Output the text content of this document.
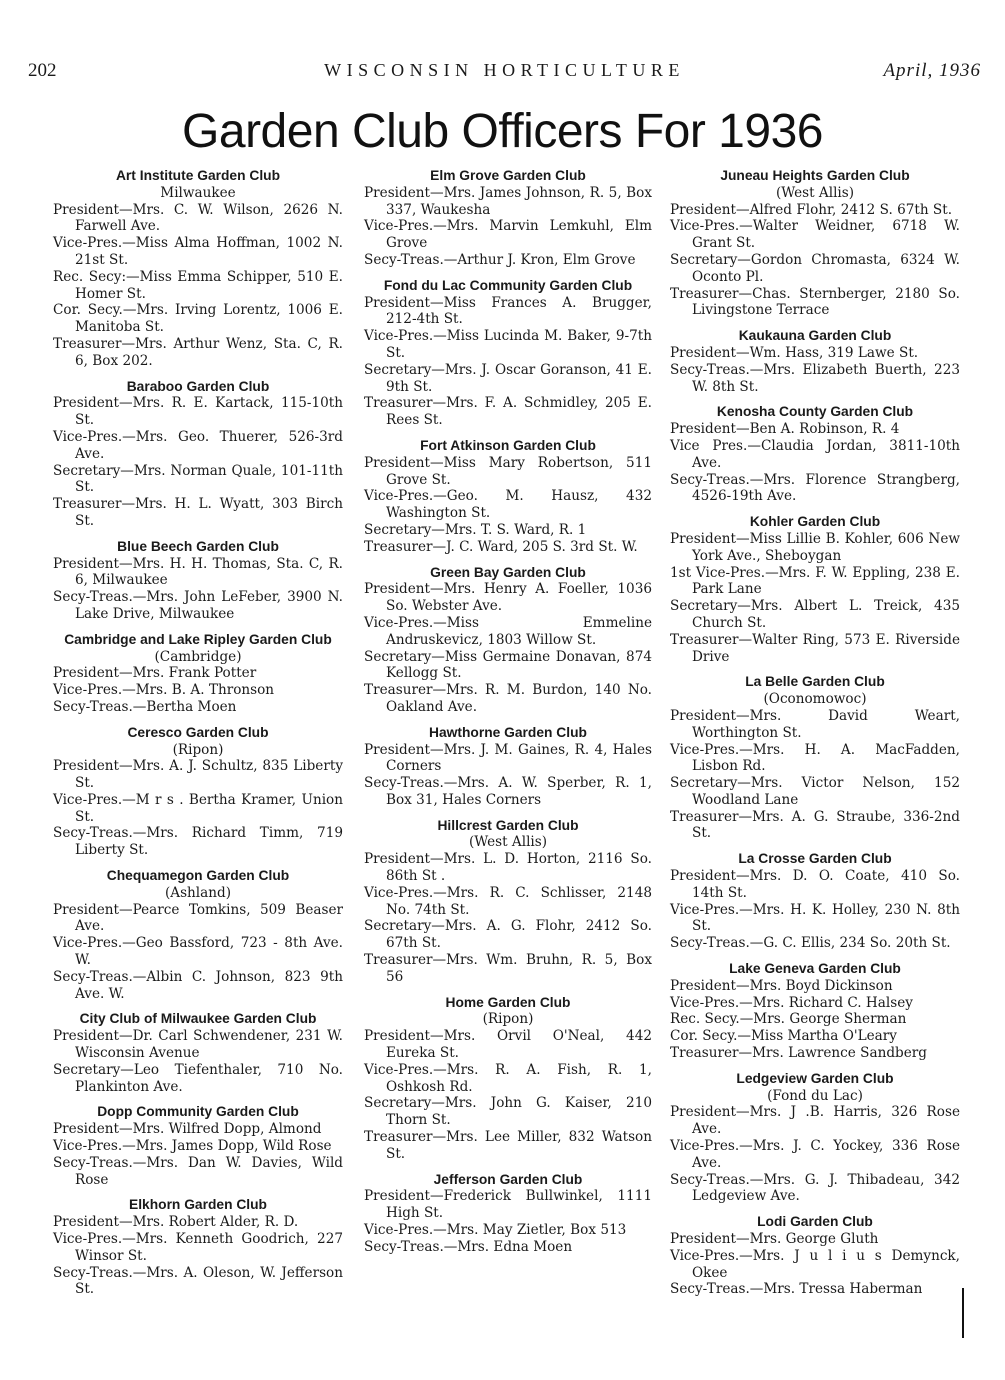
202	WISCONSIN HORTICULTURE	April, 1936
Garden Club Officers For 1936
Art Institute Garden Club
Milwaukee
President—Mrs. C. W. Wilson, 2626 N. Farwell Ave.
Vice-Pres.—Miss Alma Hoffman, 1002 N. 21st St.
Rec. Secy:—Miss Emma Schipper, 510 E. Homer St.
Cor. Secy.—Mrs. Irving Lorentz, 1006 E. Manitoba St.
Treasurer—Mrs. Arthur Wenz, Sta. C, R. 6, Box 202.
Baraboo Garden Club
President—Mrs. R. E. Kartack, 115-10th St.
Vice-Pres.—Mrs. Geo. Thuerer, 526-3rd Ave.
Secretary—Mrs. Norman Quale, 101-11th St.
Treasurer—Mrs. H. L. Wyatt, 303 Birch St.
Blue Beech Garden Club
President—Mrs. H. H. Thomas, Sta. C, R. 6, Milwaukee
Secy-Treas.—Mrs. John LeFeber, 3900 N. Lake Drive, Milwaukee
Cambridge and Lake Ripley Garden Club
(Cambridge)
President—Mrs. Frank Potter
Vice-Pres.—Mrs. B. A. Thronson
Secy-Treas.—Bertha Moen
Ceresco Garden Club
(Ripon)
President—Mrs. A. J. Schultz, 835 Liberty St.
Vice-Pres.—M r s . Bertha Kramer, Union St.
Secy-Treas.—Mrs. Richard Timm, 719 Liberty St.
Chequamegon Garden Club
(Ashland)
President—Pearce Tomkins, 509 Beaser Ave.
Vice-Pres.—Geo Bassford, 723 - 8th Ave. W.
Secy-Treas.—Albin C. Johnson, 823 9th Ave. W.
City Club of Milwaukee Garden Club
President—Dr. Carl Schwendener, 231 W. Wisconsin Avenue
Secretary—Leo Tiefenthaler, 710 No. Plankinton Ave.
Dopp Community Garden Club
President—Mrs. Wilfred Dopp, Almond
Vice-Pres.—Mrs. James Dopp, Wild Rose
Secy-Treas.—Mrs. Dan W. Davies, Wild Rose
Elkhorn Garden Club
President—Mrs. Robert Alder, R. D.
Vice-Pres.—Mrs. Kenneth Goodrich, 227 Winsor St.
Secy-Treas.—Mrs. A. Oleson, W. Jefferson St.
Elm Grove Garden Club
President—Mrs. James Johnson, R. 5, Box 337, Waukesha
Vice-Pres.—Mrs. Marvin Lemkuhl, Elm Grove
Secy-Treas.—Arthur J. Kron, Elm Grove
Fond du Lac Community Garden Club
President—Miss Frances A. Brugger, 212-4th St.
Vice-Pres.—Miss Lucinda M. Baker, 9-7th St.
Secretary—Mrs. J. Oscar Goranson, 41 E. 9th St.
Treasurer—Mrs. F. A. Schmidley, 205 E. Rees St.
Fort Atkinson Garden Club
President—Miss Mary Robertson, 511 Grove St.
Vice-Pres.—Geo. M. Hausz, 432 Washington St.
Secretary—Mrs. T. S. Ward, R. 1
Treasurer—J. C. Ward, 205 S. 3rd St. W.
Green Bay Garden Club
President—Mrs. Henry A. Foeller, 1036 So. Webster Ave.
Vice-Pres.—Miss Emmeline Andruskevicz, 1803 Willow St.
Secretary—Miss Germaine Donavan, 874 Kellogg St.
Treasurer—Mrs. R. M. Burdon, 140 No. Oakland Ave.
Hawthorne Garden Club
President—Mrs. J. M. Gaines, R. 4, Hales Corners
Secy-Treas.—Mrs. A. W. Sperber, R. 1, Box 31, Hales Corners
Hillcrest Garden Club
(West Allis)
President—Mrs. L. D. Horton, 2116 So. 86th St .
Vice-Pres.—Mrs. R. C. Schlisser, 2148 No. 74th St.
Secretary—Mrs. A. G. Flohr, 2412 So. 67th St.
Treasurer—Mrs. Wm. Bruhn, R. 5, Box 56
Home Garden Club
(Ripon)
President—Mrs. Orvil O'Neal, 442 Eureka St.
Vice-Pres.—Mrs. R. A. Fish, R. 1, Oshkosh Rd.
Secretary—Mrs. John G. Kaiser, 210 Thorn St.
Treasurer—Mrs. Lee Miller, 832 Watson St.
Jefferson Garden Club
President—Frederick Bullwinkel, 1111 High St.
Vice-Pres.—Mrs. May Zietler, Box 513
Secy-Treas.—Mrs. Edna Moen
Juneau Heights Garden Club
(West Allis)
President—Alfred Flohr, 2412 S. 67th St.
Vice-Pres.—Walter Weidner, 6718 W. Grant St.
Secretary—Gordon Chromasta, 6324 W. Oconto Pl.
Treasurer—Chas. Sternberger, 2180 So. Livingstone Terrace
Kaukauna Garden Club
President—Wm. Hass, 319 Lawe St.
Secy-Treas.—Mrs. Elizabeth Buerth, 223 W. 8th St.
Kenosha County Garden Club
President—Ben A. Robinson, R. 4
Vice Pres.—Claudia Jordan, 3811-10th Ave.
Secy-Treas.—Mrs. Florence Strangberg, 4526-19th Ave.
Kohler Garden Club
President—Miss Lillie B. Kohler, 606 New York Ave., Sheboygan
1st Vice-Pres.—Mrs. F. W. Eppling, 238 E. Park Lane
Secretary—Mrs. Albert L. Treick, 435 Church St.
Treasurer—Walter Ring, 573 E. Riverside Drive
La Belle Garden Club
(Oconomowoc)
President—Mrs. David Weart, Worthington St.
Vice-Pres.—Mrs. H. A. MacFadden, Lisbon Rd.
Secretary—Mrs. Victor Nelson, 152 Woodland Lane
Treasurer—Mrs. A. G. Straube, 336-2nd St.
La Crosse Garden Club
President—Mrs. D. O. Coate, 410 So. 14th St.
Vice-Pres.—Mrs. H. K. Holley, 230 N. 8th St.
Secy-Treas.—G. C. Ellis, 234 So. 20th St.
Lake Geneva Garden Club
President—Mrs. Boyd Dickinson
Vice-Pres.—Mrs. Richard C. Halsey
Rec. Secy.—Mrs. George Sherman
Cor. Secy.—Miss Martha O'Leary
Treasurer—Mrs. Lawrence Sandberg
Ledgeview Garden Club
(Fond du Lac)
President—Mrs. J .B. Harris, 326 Rose Ave.
Vice-Pres.—Mrs. J. C. Yockey, 336 Rose Ave.
Secy-Treas.—Mrs. G. J. Thibadeau, 342 Ledgeview Ave.
Lodi Garden Club
President—Mrs. George Gluth
Vice-Pres.—Mrs. J u l i u s Demynck, Okee
Secy-Treas.—Mrs. Tressa Haberman
